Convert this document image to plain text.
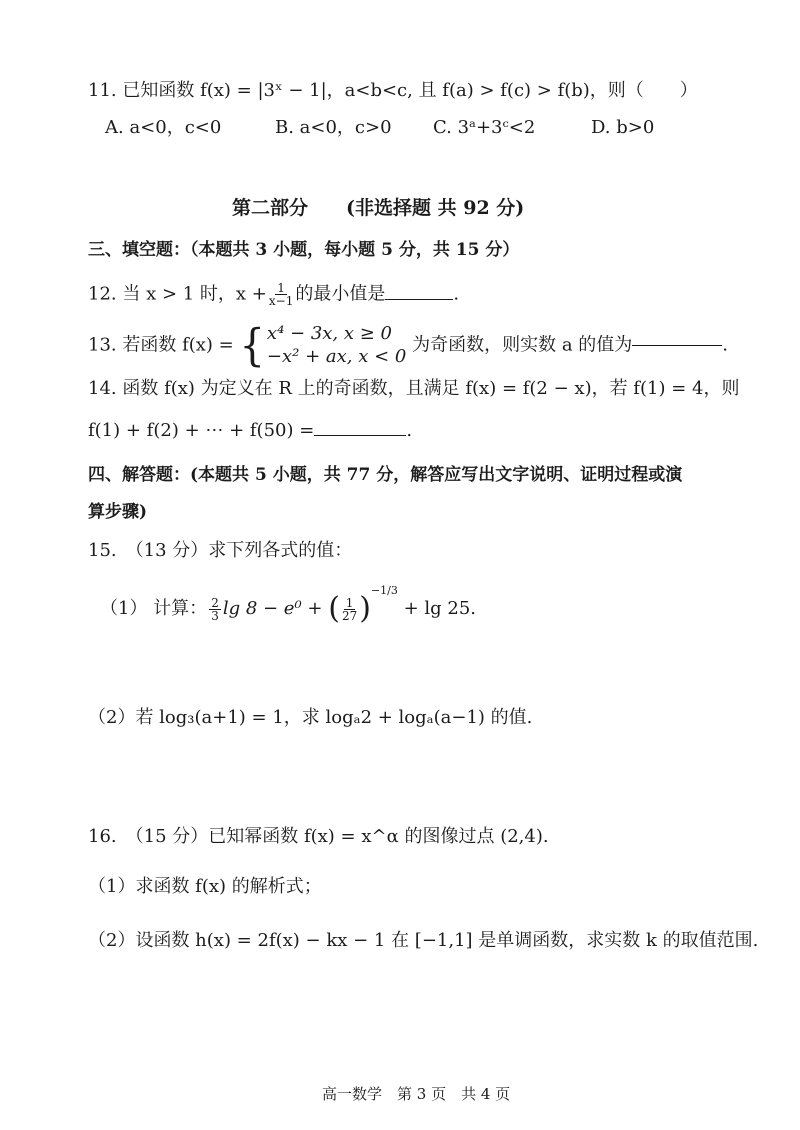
11. 已知函数 f(x) = |3ˣ − 1|，a<b<c, 且 f(a) > f(c) > f(b)，则（　　）
A. a<0，c<0	B. a<0，c>0 C. 3ᵃ+3ᶜ<2	D. b>0
第二部分　　(非选择题 共 92 分)
三、填空题：（本题共 3 小题，每小题 5 分，共 15 分）
12. 当 x > 1 时，$x + \frac{1}{x-1}$ 的最小值是	.
13. 若函数 f(x) = { x⁴ − 3x, x ≥ 0
−x² + ax, x < 0
为奇函数，则实数 a 的值为	.
14. 函数 f(x) 为定义在 R 上的奇函数，且满足 f(x) = f(2 − x)，若 f(1) = 4，则
f(1) + f(2) + ⋯ + f(50) =	.
四、解答题：(本题共 5 小题，共 77 分，解答应写出文字说明、证明过程或演
算步骤)
15.　（13 分）求下列各式的值：
（1） 计算： $\frac{2}{3}$ lg 8 − e⁰ + ( $\frac{1}{27} )^{-1/3} + \lg 25$.
（2）若 log₃(a+1) = 1，求 logₐ2 + logₐ(a−1) 的值.
16.　（15 分）已知幂函数 f(x) = x^α 的图像过点 (2,4).
（1）求函数 f(x) 的解析式；
（2）设函数 h(x) = 2f(x) − kx − 1 在 [−1,1] 是单调函数，求实数 k 的取值范围.
高一数学　第 3 页　共 4 页
